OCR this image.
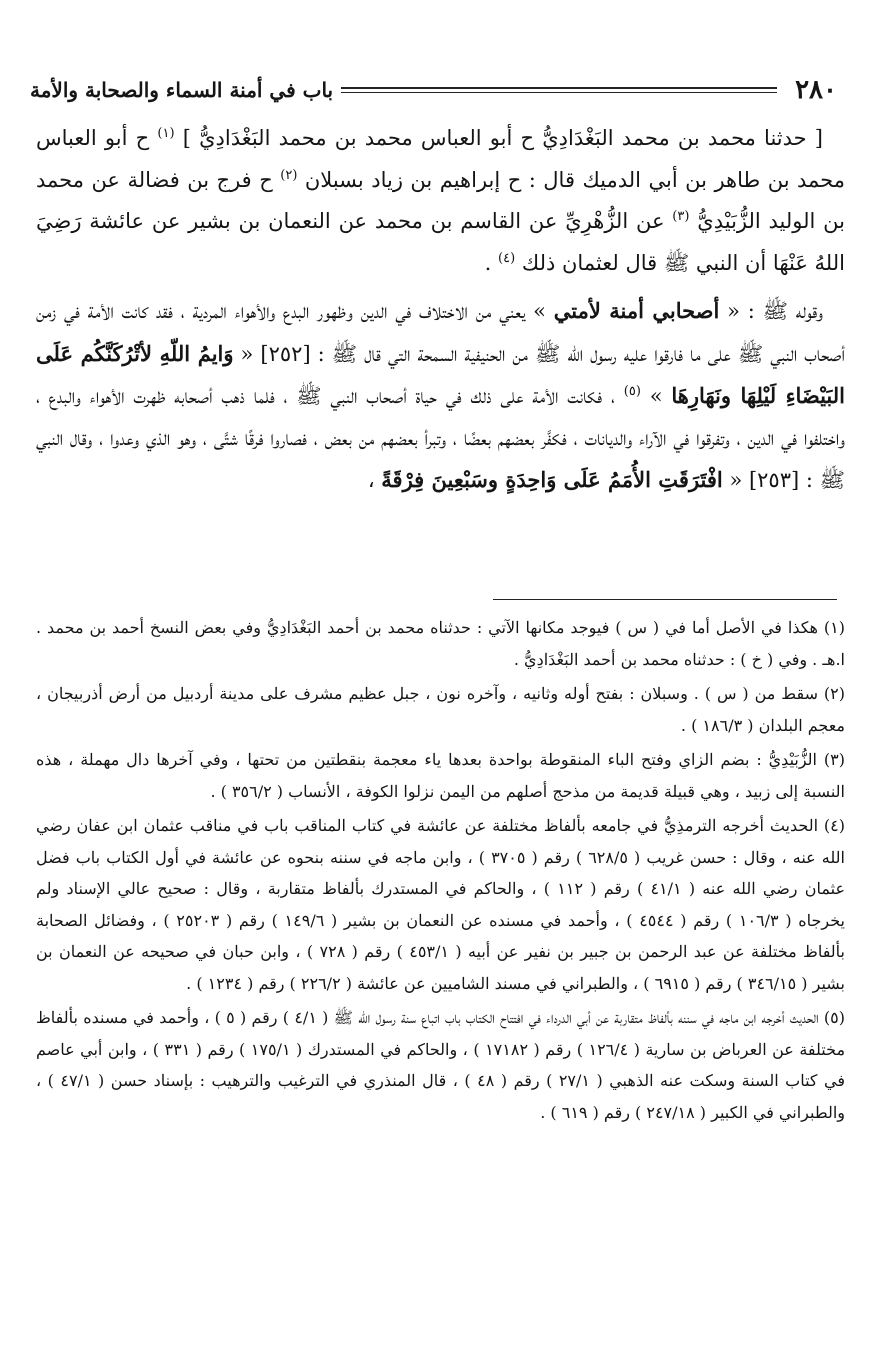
٢٨٠
باب في أمنة السماء والصحابة والأمة

[ حدثنا محمد بن محمد البَغْدَادِيُّ ح أبو العباس محمد بن محمد البَغْدَادِيُّ ] $^{(١)}$ ح أبو العباس محمد بن طاهر بن أبي الدميك قال : ح إبراهيم بن زياد بسبلان $^{(٢)}$ ح فرج بن فضالة عن محمد بن الوليد الزُّبَيْدِيُّ $^{(٣)}$ عن الزُّهْرِيِّ عن القاسم بن محمد عن النعمان بن بشير عن عائشة رَضِيَ اللهُ عَنْهَا أن النبي ﷺ قال لعثمان ذلك $^{(٤)}$ .

وقوله ﷺ : « أصحابي أمنة لأمتي » يعني من الاختلاف في الدين وظهور البدع والأهواء المردية ، فقد كانت الأمة في زمن أصحاب النبي ﷺ على ما فارقوا عليه رسول الله ﷺ من الحنيفية السمحة التي قال ﷺ : [٢٥٢] « وَايمُ اللّهِ لأتْرُكَنَّكُم عَلَى البَيْضَاءِ لَيْلِهَا ونَهَارِهَا » $^{(٥)}$ ، فكانت الأمة على ذلك في حياة أصحاب النبي ﷺ ، فلما ذهب أصحابه ظهرت الأهواء والبدع ، واختلفوا في الدين ، وتفرقوا في الآراء والديانات ، فكفَّر بعضهم بعضًا ، وتبرأ بعضهم من بعض ، فصاروا فرقًا شتَّى ، وهو الذي وعدوا ، وقال النبي ﷺ : [٢٥٣] « افْتَرَقَتِ الأُمَمُ عَلَى وَاحِدَةٍ وسَبْعِينَ فِرْقَةً ،

(١) هكذا في الأصل أما في ( س ) فيوجد مكانها الآتي : حدثناه محمد بن أحمد البَغْدَادِيُّ وفي بعض النسخ أحمد بن محمد . ا.هـ . وفي ( خ ) : حدثناه محمد بن أحمد البَغْدَادِيُّ .

(٢) سقط من ( س ) . وسبلان : بفتح أوله وثانيه ، وآخره نون ، جبل عظيم مشرف على مدينة أردبيل من أرض أذربيجان ، معجم البلدان ( ١٨٦/٣ ) .

(٣) الزُّبَيْدِيُّ : بضم الزاي وفتح الباء المنقوطة بواحدة بعدها ياء معجمة بنقطتين من تحتها ، وفي آخرها دال مهملة ، هذه النسبة إلى زبيد ، وهي قبيلة قديمة من مذحج أصلهم من اليمن نزلوا الكوفة ، الأنساب ( ٣٥٦/٢ ) .

(٤) الحديث أخرجه الترمذِيُّ في جامعه بألفاظ مختلفة عن عائشة في كتاب المناقب باب في مناقب عثمان ابن عفان رضي الله عنه ، وقال : حسن غريب ( ٦٢٨/٥ ) رقم ( ٣٧٠٥ ) ، وابن ماجه في سننه بنحوه عن عائشة في أول الكتاب باب فضل عثمان رضي الله عنه ( ٤١/١ ) رقم ( ١١٢ ) ، والحاكم في المستدرك بألفاظ متقاربة ، وقال : صحيح عالي الإسناد ولم يخرجاه ( ١٠٦/٣ ) رقم ( ٤٥٤٤ ) ، وأحمد في مسنده عن النعمان بن بشير ( ١٤٩/٦ ) رقم ( ٢٥٢٠٣ ) ، وفضائل الصحابة بألفاظ مختلفة عن عبد الرحمن بن جبير بن نفير عن أبيه ( ٤٥٣/١ ) رقم ( ٧٢٨ ) ، وابن حبان في صحيحه عن النعمان بن بشير ( ٣٤٦/١٥ ) رقم ( ٦٩١٥ ) ، والطبراني في مسند الشاميين عن عائشة ( ٢٢٦/٢ ) رقم ( ١٢٣٤ ) .

(٥) الحديث أخرجه ابن ماجه في سننه بألفاظ متقاربة عن أبي الدرداء في افتتاح الكتاب باب اتباع سنة رسول الله ﷺ ( ٤/١ ) رقم ( ٥ ) ، وأحمد في مسنده بألفاظ مختلفة عن العرباض بن سارية ( ١٢٦/٤ ) رقم ( ١٧١٨٢ ) ، والحاكم في المستدرك ( ١٧٥/١ ) رقم ( ٣٣١ ) ، وابن أبي عاصم في كتاب السنة وسكت عنه الذهبي ( ٢٧/١ ) رقم ( ٤٨ ) ، قال المنذري في الترغيب والترهيب : بإسناد حسن ( ٤٧/١ ) ، والطبراني في الكبير ( ٢٤٧/١٨ ) رقم ( ٦١٩ ) .
